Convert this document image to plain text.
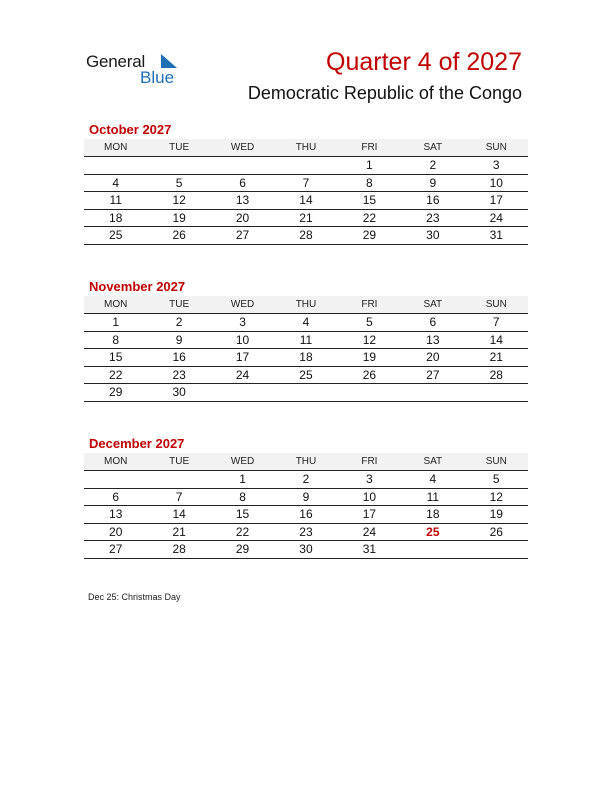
General
Blue
Quarter 4 of 2027
Democratic Republic of the Congo
October 2027
MON	TUE	WED	THU	FRI	SAT	SUN
				1	2	3
4	5	6	7	8	9	10
11	12	13	14	15	16	17
18	19	20	21	22	23	24
25	26	27	28	29	30	31
November 2027
MON	TUE	WED	THU	FRI	SAT	SUN
1	2	3	4	5	6	7
8	9	10	11	12	13	14
15	16	17	18	19	20	21
22	23	24	25	26	27	28
29	30					
December 2027
MON	TUE	WED	THU	FRI	SAT	SUN
		1	2	3	4	5
6	7	8	9	10	11	12
13	14	15	16	17	18	19
20	21	22	23	24	25	26
27	28	29	30	31		
Dec 25: Christmas Day
